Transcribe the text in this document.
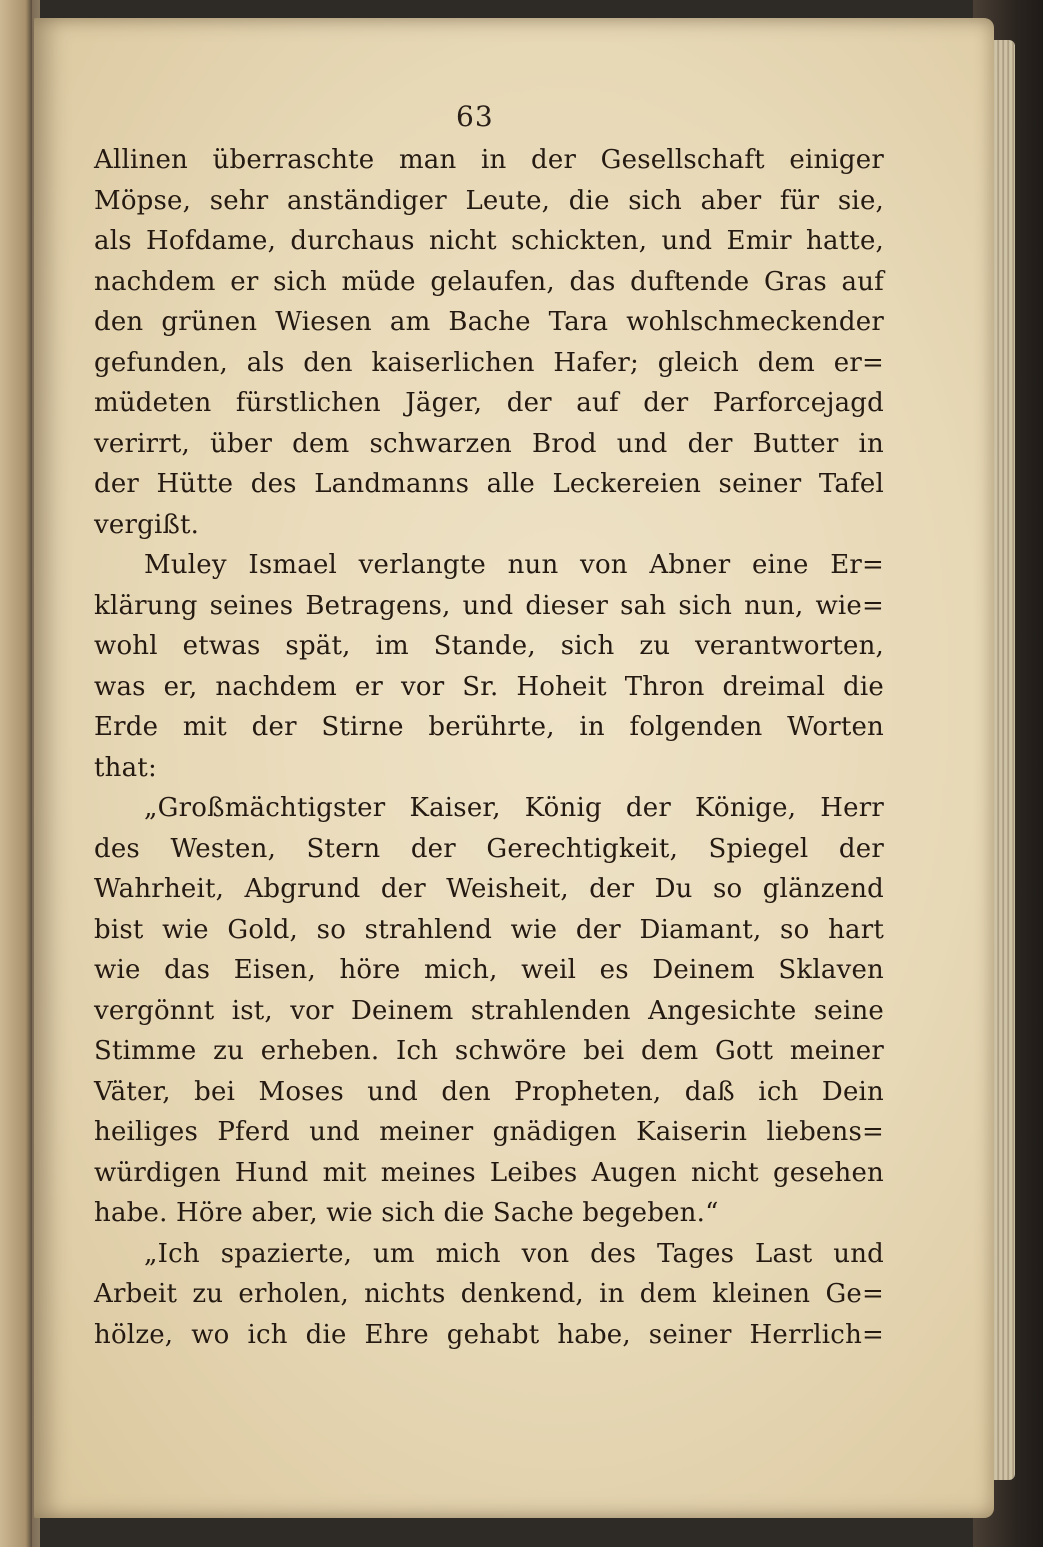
63
Allinen überraschte man in der Gesellschaft einiger
Möpse, sehr anständiger Leute, die sich aber für sie,
als Hofdame, durchaus nicht schickten, und Emir hatte,
nachdem er sich müde gelaufen, das duftende Gras auf
den grünen Wiesen am Bache Tara wohlschmeckender
gefunden, als den kaiserlichen Hafer; gleich dem er=
müdeten fürstlichen Jäger, der auf der Parforcejagd
verirrt, über dem schwarzen Brod und der Butter in
der Hütte des Landmanns alle Leckereien seiner Tafel
vergißt.
Muley Ismael verlangte nun von Abner eine Er=
klärung seines Betragens, und dieser sah sich nun, wie=
wohl etwas spät, im Stande, sich zu verantworten,
was er, nachdem er vor Sr. Hoheit Thron dreimal die
Erde mit der Stirne berührte, in folgenden Worten
that:
„Großmächtigster Kaiser, König der Könige, Herr
des Westen, Stern der Gerechtigkeit, Spiegel der
Wahrheit, Abgrund der Weisheit, der Du so glänzend
bist wie Gold, so strahlend wie der Diamant, so hart
wie das Eisen, höre mich, weil es Deinem Sklaven
vergönnt ist, vor Deinem strahlenden Angesichte seine
Stimme zu erheben. Ich schwöre bei dem Gott meiner
Väter, bei Moses und den Propheten, daß ich Dein
heiliges Pferd und meiner gnädigen Kaiserin liebens=
würdigen Hund mit meines Leibes Augen nicht gesehen
habe. Höre aber, wie sich die Sache begeben.“
„Ich spazierte, um mich von des Tages Last und
Arbeit zu erholen, nichts denkend, in dem kleinen Ge=
hölze, wo ich die Ehre gehabt habe, seiner Herrlich=
